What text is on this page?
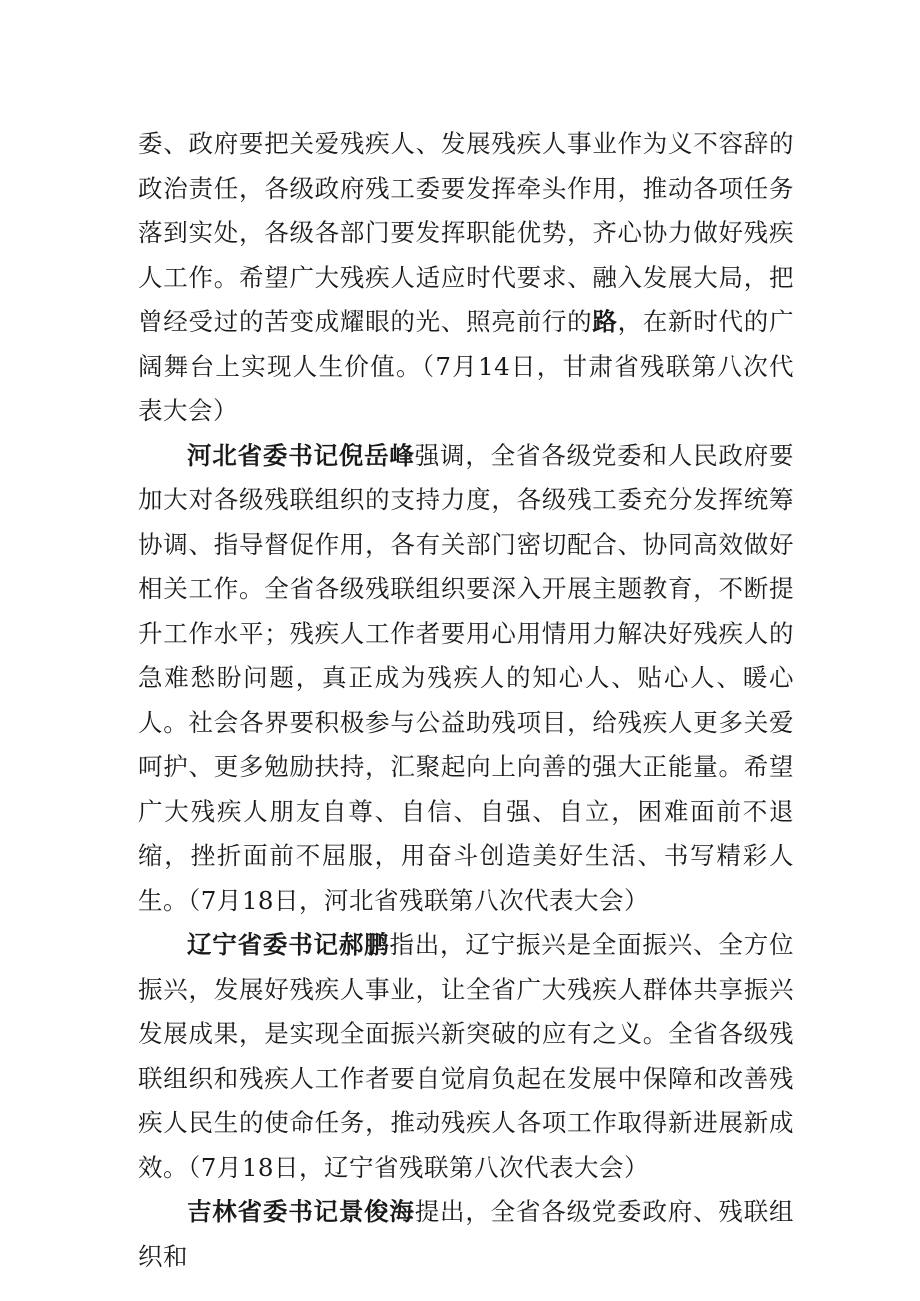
委、政府要把关爱残疾人、发展残疾人事业作为义不容辞的政治责任，各级政府残工委要发挥牵头作用，推动各项任务落到实处，各级各部门要发挥职能优势，齐心协力做好残疾人工作。希望广大残疾人适应时代要求、融入发展大局，把曾经受过的苦变成耀眼的光、照亮前行的路，在新时代的广阔舞台上实现人生价值。（7月14日，甘肃省残联第八次代表大会）

河北省委书记倪岳峰强调，全省各级党委和人民政府要加大对各级残联组织的支持力度，各级残工委充分发挥统筹协调、指导督促作用，各有关部门密切配合、协同高效做好相关工作。全省各级残联组织要深入开展主题教育，不断提升工作水平；残疾人工作者要用心用情用力解决好残疾人的急难愁盼问题，真正成为残疾人的知心人、贴心人、暖心人。社会各界要积极参与公益助残项目，给残疾人更多关爱呵护、更多勉励扶持，汇聚起向上向善的强大正能量。希望广大残疾人朋友自尊、自信、自强、自立，困难面前不退缩，挫折面前不屈服，用奋斗创造美好生活、书写精彩人生。（7月18日，河北省残联第八次代表大会）

辽宁省委书记郝鹏指出，辽宁振兴是全面振兴、全方位振兴，发展好残疾人事业，让全省广大残疾人群体共享振兴发展成果，是实现全面振兴新突破的应有之义。全省各级残联组织和残疾人工作者要自觉肩负起在发展中保障和改善残疾人民生的使命任务，推动残疾人各项工作取得新进展新成效。（7月18日，辽宁省残联第八次代表大会）

吉林省委书记景俊海提出，全省各级党委政府、残联组织和
